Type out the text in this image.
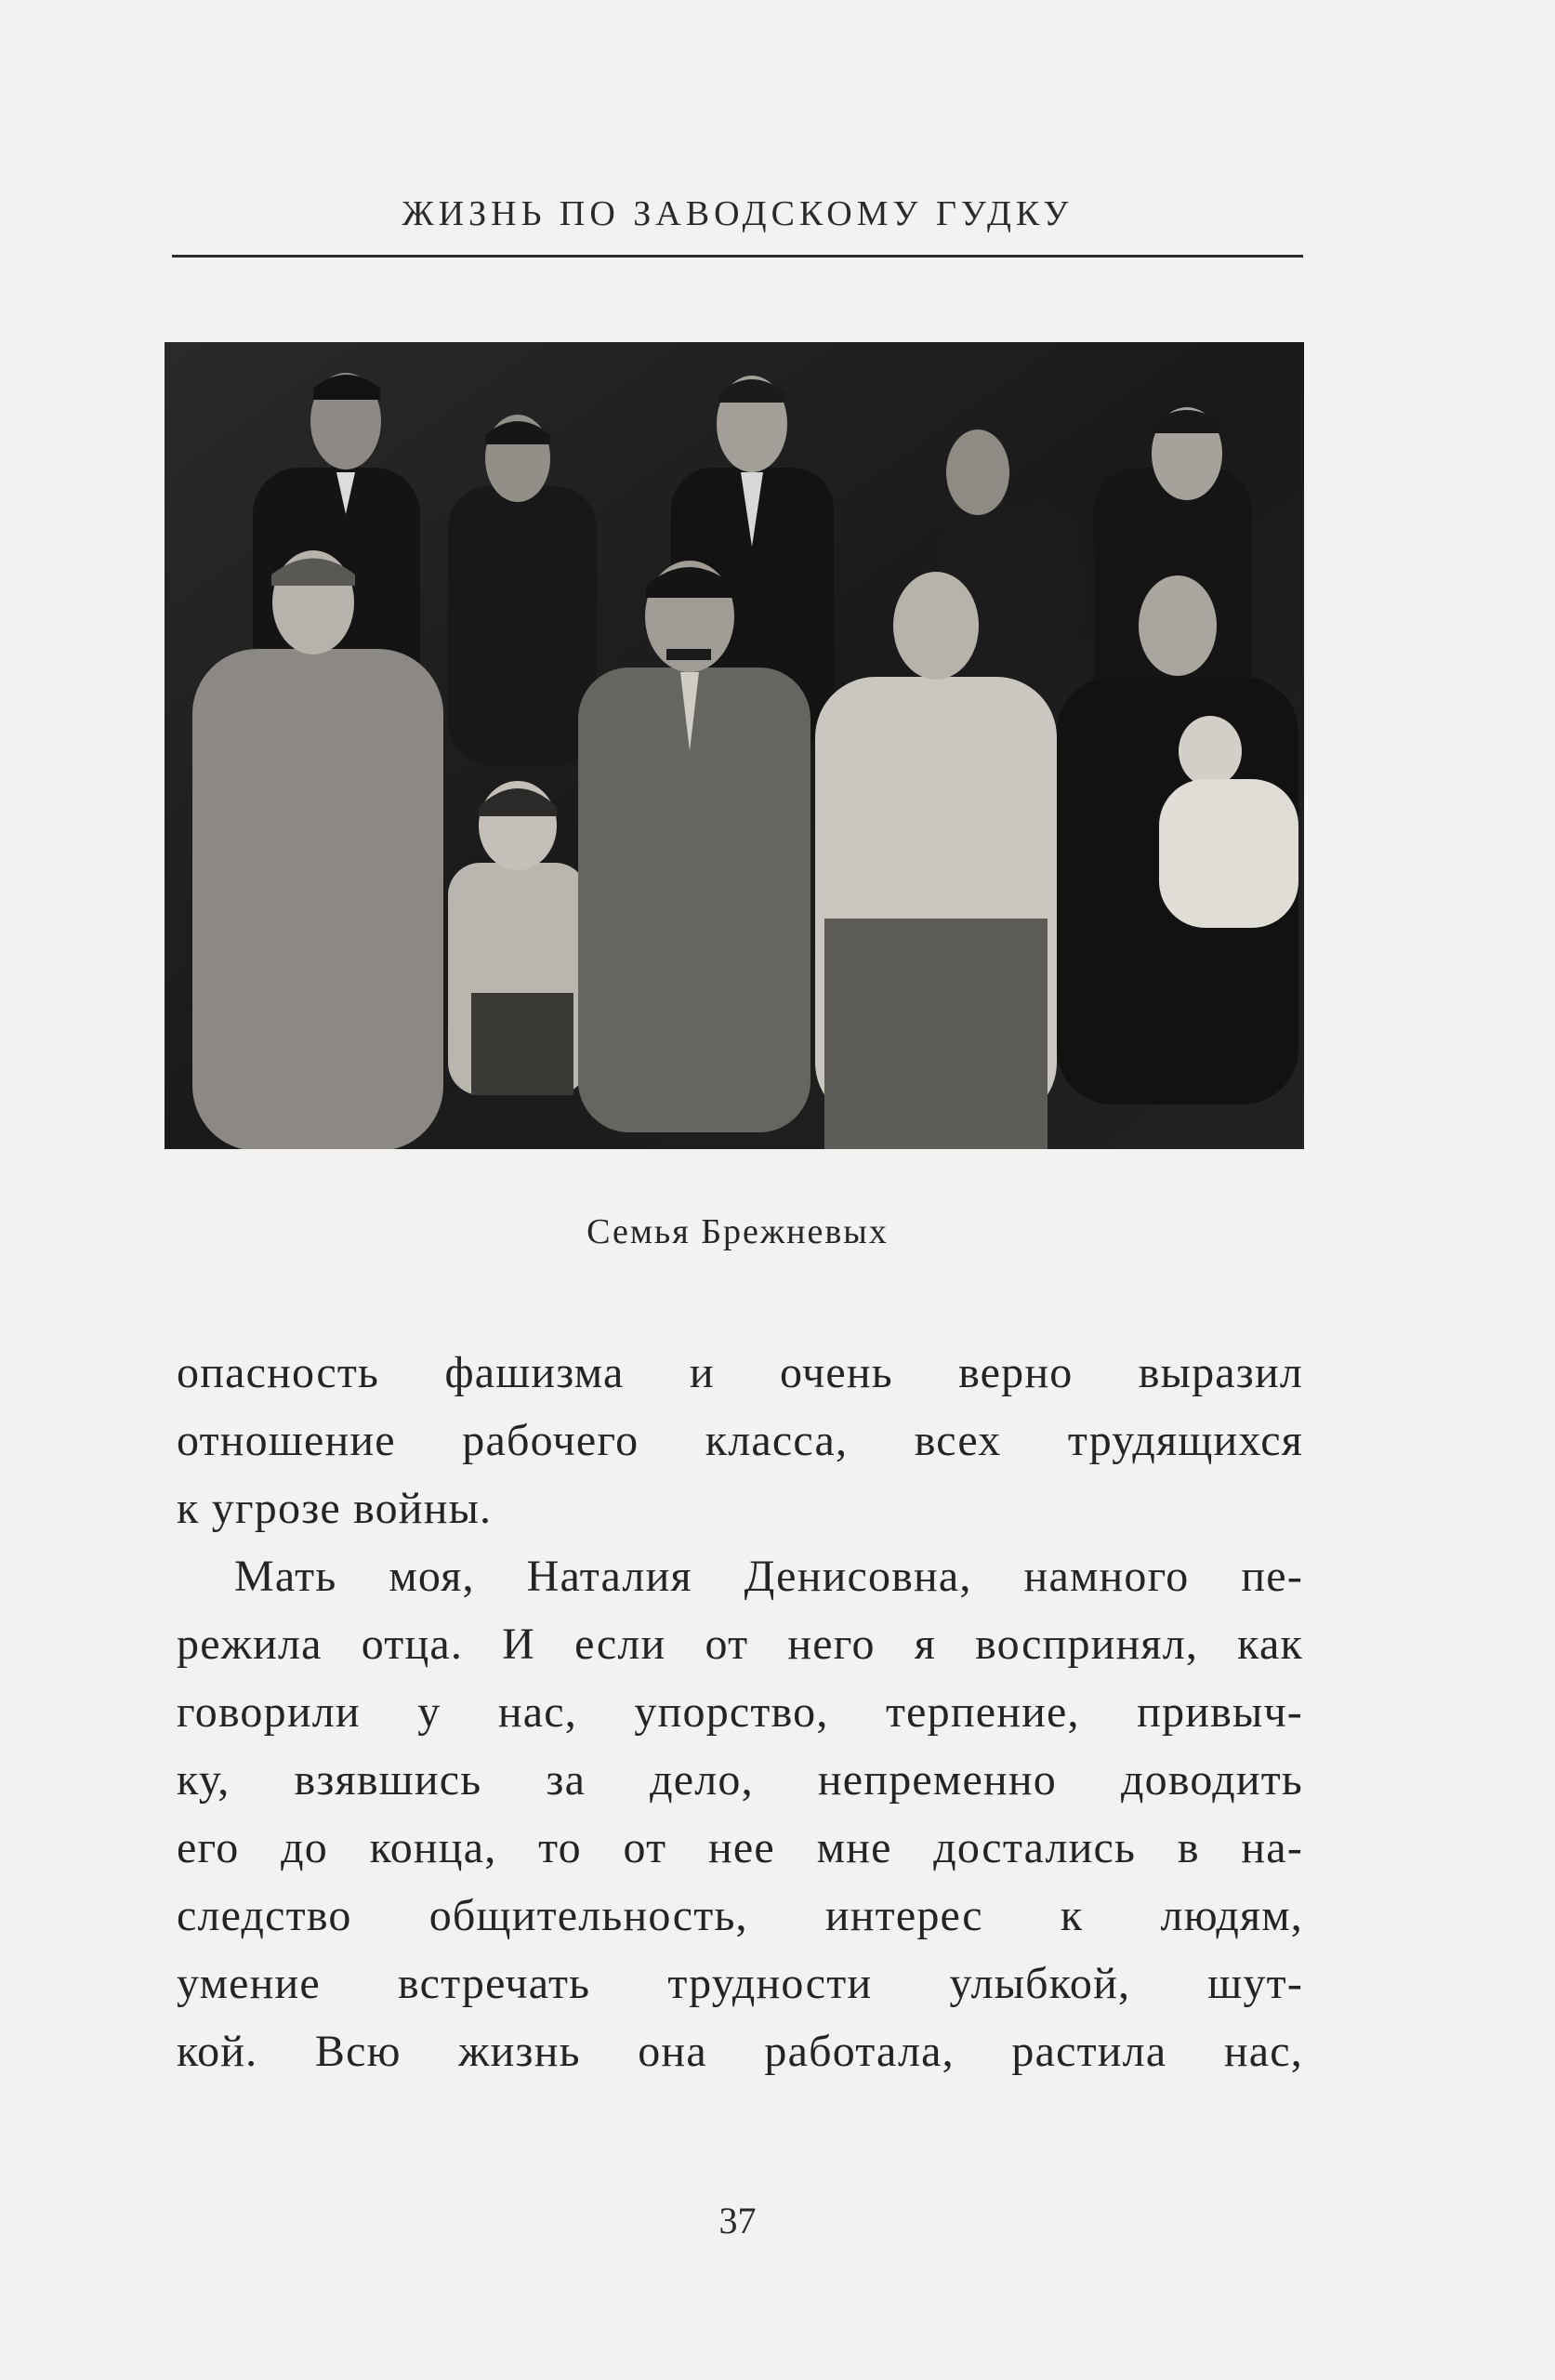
ЖИЗНЬ ПО ЗАВОДСКОМУ ГУДКУ
Семья Брежневых
опасность фашизма и очень верно выразил
отношение рабочего класса, всех трудящихся
к угрозе войны.
Мать моя, Наталия Денисовна, намного пе-
режила отца. И если от него я воспринял, как
говорили у нас, упорство, терпение, привыч-
ку, взявшись за дело, непременно доводить
его до конца, то от нее мне достались в на-
следство общительность, интерес к людям,
умение встречать трудности улыбкой, шут-
кой. Всю жизнь она работала, растила нас,
37
